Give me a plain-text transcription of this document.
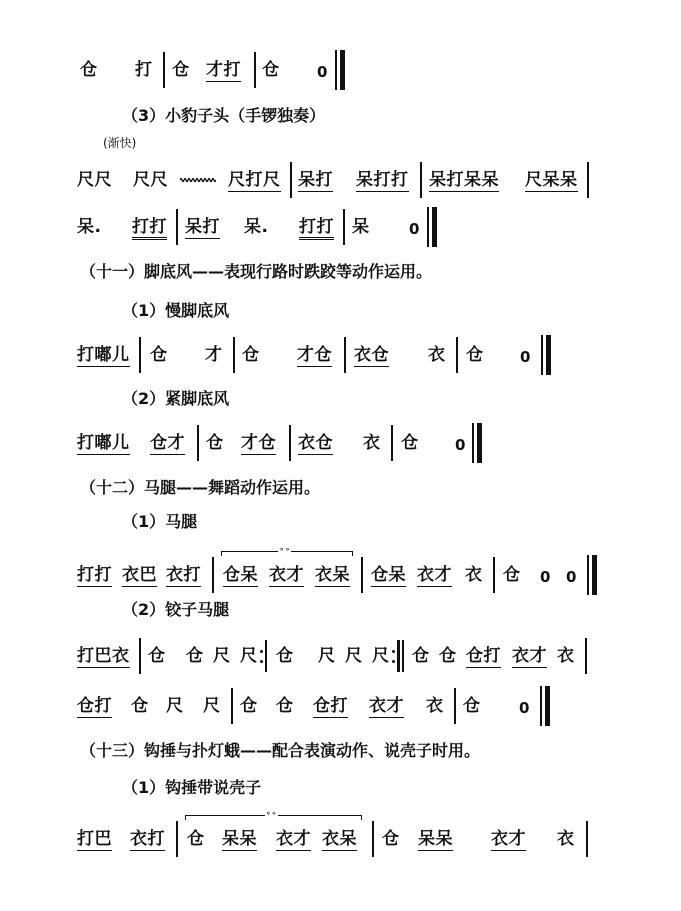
（3）小豹子头（手锣独奏）
（十一）脚底风——表现行路时跌跤等动作运用。
（1）慢脚底风
（2）紧脚底风
（十二）马腿——舞蹈动作运用。
（1）马腿
（2）铰子马腿
（十三）钩捶与扑灯蛾——配合表演动作、说壳子时用。
（1）钩捶带说壳子
(渐快)
仓 打 仓 才打 仓	0
尺尺 尺尺	尺打尺 呆打 呆打打 呆打呆呆 尺呆呆
呆. 打打 呆打 呆. 打打 呆	0
打嘟儿 仓 才 仓 才仓 衣仓 衣 仓 0
打嘟儿 仓才 仓 才仓 衣仓 衣 仓 0
打打 衣巴 衣打
∘∘
仓呆 衣才 衣呆 仓呆 衣才 衣 仓 0 0
打巴衣 仓 仓 尺 尺 仓 尺 尺 尺 仓 仓 仓打 衣才 衣
仓打 仓 尺 尺 仓 仓 仓打 衣才 衣 仓	0
打巴 衣打
∘∘
仓 呆呆 衣才 衣呆 仓 呆呆 衣才 衣
